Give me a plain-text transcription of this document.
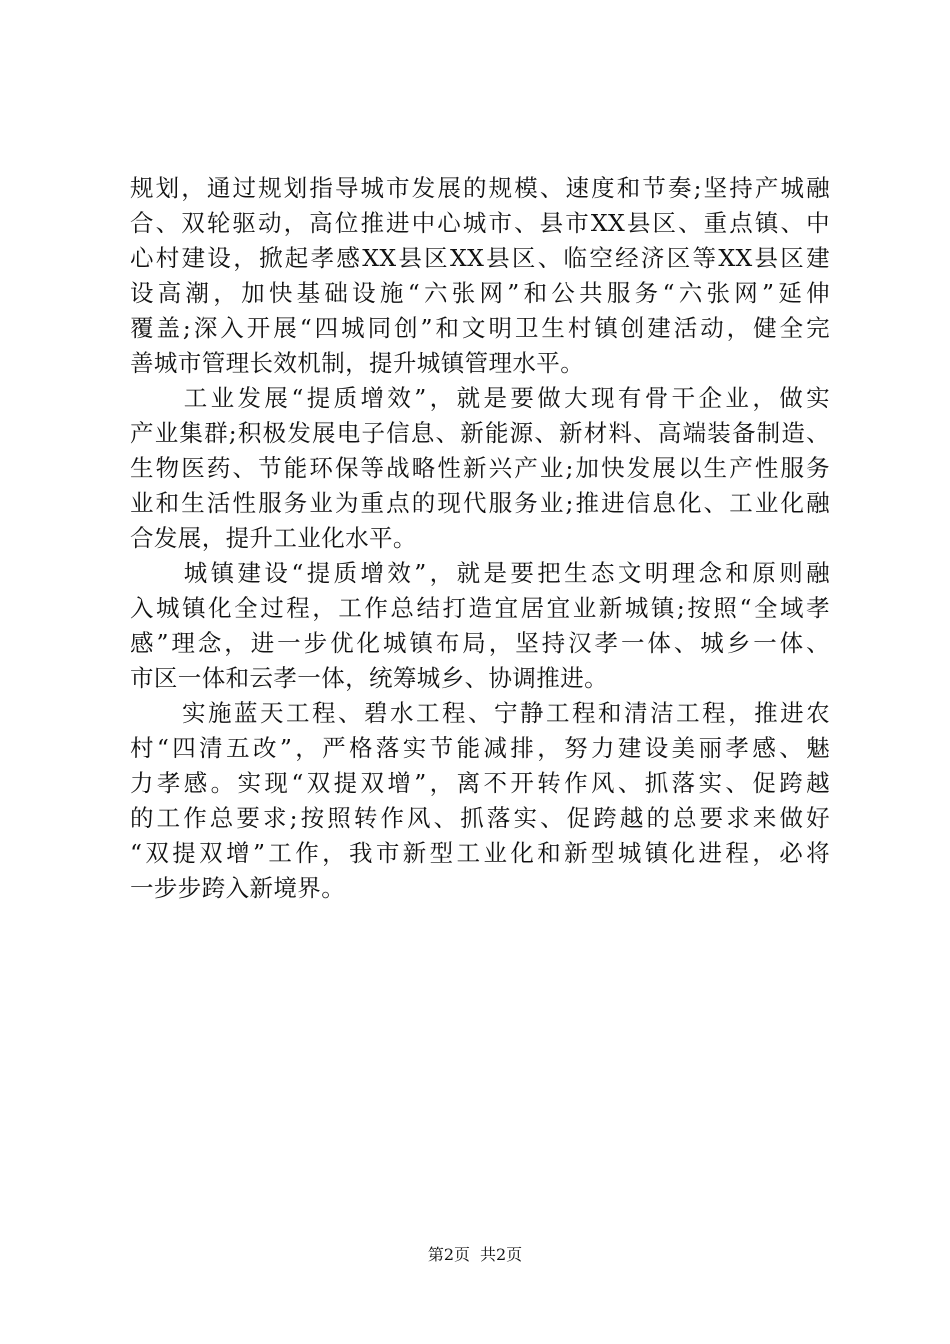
规划，通过规划指导城市发展的规模、速度和节奏;坚持产城融
合、双轮驱动，高位推进中心城市、县市XX县区、重点镇、中
心村建设，掀起孝感XX县区XX县区、临空经济区等XX县区建
设高潮，加快基础设施“六张网”和公共服务“六张网”延伸
覆盖;深入开展“四城同创”和文明卫生村镇创建活动，健全完
善城市管理长效机制，提升城镇管理水平。
　　工业发展“提质增效”，就是要做大现有骨干企业，做实
产业集群;积极发展电子信息、新能源、新材料、高端装备制造、
生物医药、节能环保等战略性新兴产业;加快发展以生产性服务
业和生活性服务业为重点的现代服务业;推进信息化、工业化融
合发展，提升工业化水平。
　　城镇建设“提质增效”，就是要把生态文明理念和原则融
入城镇化全过程，工作总结打造宜居宜业新城镇;按照“全域孝
感”理念，进一步优化城镇布局，坚持汉孝一体、城乡一体、
市区一体和云孝一体，统筹城乡、协调推进。
　　实施蓝天工程、碧水工程、宁静工程和清洁工程，推进农
村“四清五改”，严格落实节能减排，努力建设美丽孝感、魅
力孝感。实现“双提双增”，离不开转作风、抓落实、促跨越
的工作总要求;按照转作风、抓落实、促跨越的总要求来做好
“双提双增”工作，我市新型工业化和新型城镇化进程，必将
一步步跨入新境界。
第2页 共2页
